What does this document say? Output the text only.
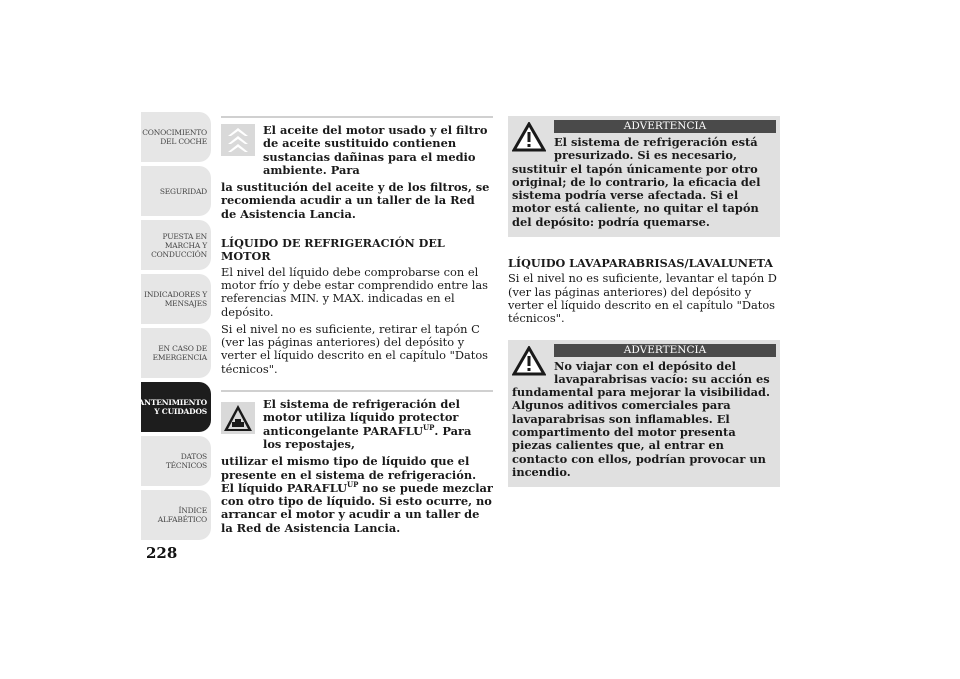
CONOCIMIENTO
DEL COCHE
SEGURIDAD
PUESTA EN
MARCHA Y
CONDUCCIÓN
INDICADORES Y
MENSAJES
EN CASO DE
EMERGENCIA
MANTENIMIENTO
Y CUIDADOS
DATOS TÉCNICOS
ÍNDICE
ALFABÉTICO
228
El aceite del motor usado y el filtro de aceite sustituido contienen sustancias dañinas para el medio ambiente. Para
la sustitución del aceite y de los filtros, se recomienda acudir a un taller de la Red de Asistencia Lancia.
LÍQUIDO DE REFRIGERACIÓN DEL MOTOR

El nivel del líquido debe comprobarse con el motor frío y debe estar comprendido entre las referencias MIN. y MAX. indicadas en el depósito.

Si el nivel no es suficiente, retirar el tapón C (ver las páginas anteriores) del depósito y verter el líquido descrito en el capítulo "Datos técnicos".

El sistema de refrigeración del motor utiliza líquido protector anticongelante $PARAFLU^{UP}$. Para los repostajes,
utilizar el mismo tipo de líquido que el presente en el sistema de refrigeración. El líquido $PARAFLU^{UP}$ no se puede mezclar con otro tipo de líquido. Si esto ocurre, no arrancar el motor y acudir a un taller de la Red de Asistencia Lancia.
ADVERTENCIA
El sistema de refrigeración está presurizado. Si es necesario, sustituir el tapón únicamente por otro original; de lo contrario, la eficacia del sistema podría verse afectada. Si el motor está caliente, no quitar el tapón del depósito: podría quemarse.
LÍQUIDO LAVAPARABRISAS/LAVALUNETA

Si el nivel no es suficiente, levantar el tapón D (ver las páginas anteriores) del depósito y verter el líquido descrito en el capítulo "Datos técnicos".

ADVERTENCIA
No viajar con el depósito del lavaparabrisas vacío: su acción es fundamental para mejorar la visibilidad. Algunos aditivos comerciales para lavaparabrisas son inflamables. El compartimento del motor presenta piezas calientes que, al entrar en contacto con ellos, podrían provocar un incendio.
